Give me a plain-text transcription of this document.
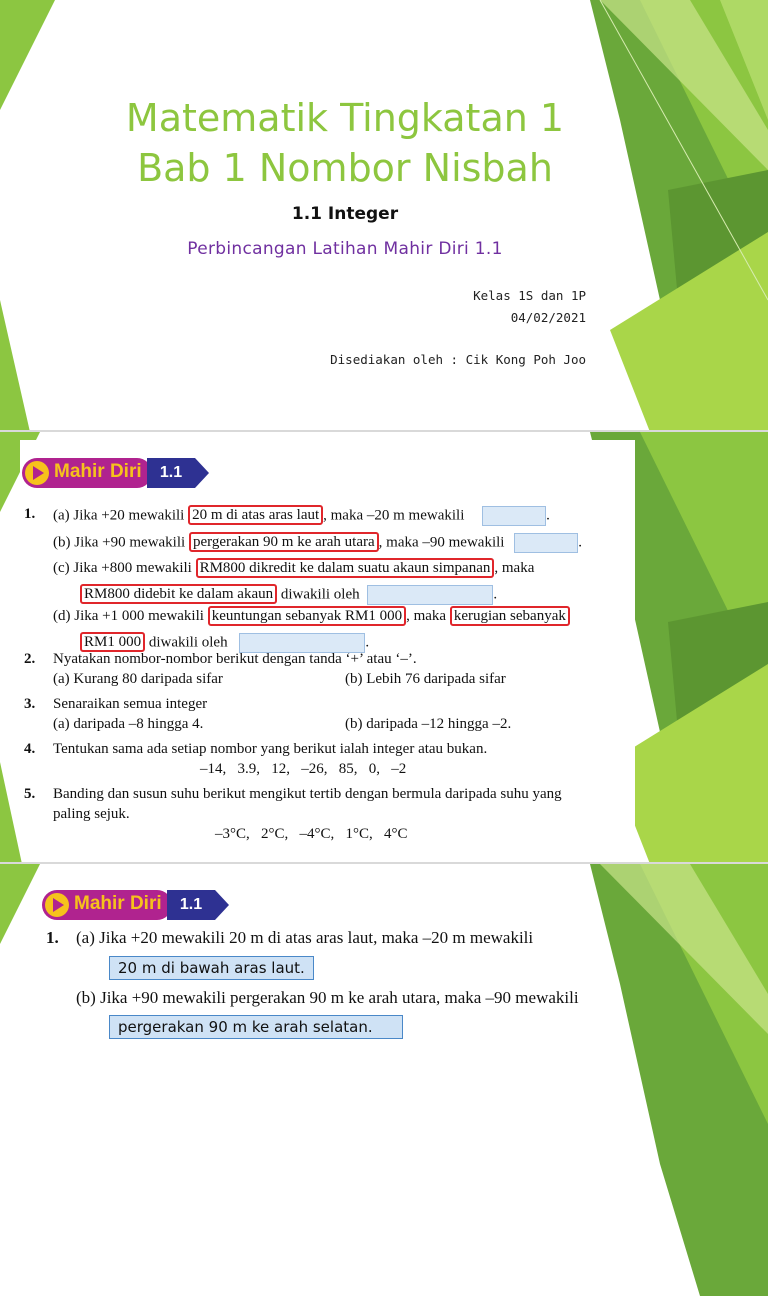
Matematik Tingkatan 1
Bab 1 Nombor Nisbah
1.1 Integer
Perbincangan Latihan Mahir Diri 1.1
Kelas 1S dan 1P
04/02/2021
Disediakan oleh : Cik Kong Poh Joo
Mahir Diri	1.1
1. (a) Jika +20 mewakili 20 m di atas aras laut , maka –20 m mewakili	.
(b) Jika +90 mewakili pergerakan 90 m ke arah utara , maka –90 mewakili	.
(c) Jika +800 mewakili RM800 dikredit ke dalam suatu akaun simpanan , maka
RM800 didebit ke dalam akaun diwakili oleh	.
(d) Jika +1 000 mewakili keuntungan sebanyak RM1 000 , maka kerugian sebanyak
RM1 000 diwakili oleh	.
2. Nyatakan nombor-nombor berikut dengan tanda ‘+’ atau ‘–’.
(a) Kurang 80 daripada sifar	(b) Lebih 76 daripada sifar
3. Senaraikan semua integer
(a) daripada –8 hingga 4.	(b) daripada –12 hingga –2.
4. Tentukan sama ada setiap nombor yang berikut ialah integer atau bukan.
–14,   3.9,   12,   –26,   85,   0,   –2
5. Banding dan susun suhu berikut mengikut tertib dengan bermula daripada suhu yang
paling sejuk.
–3°C,   2°C,   –4°C,   1°C,   4°C
Mahir Diri	1.1
1. (a) Jika +20 mewakili 20 m di atas aras laut, maka –20 m mewakili
20 m di bawah aras laut.
(b) Jika +90 mewakili pergerakan 90 m ke arah utara, maka –90 mewakili
pergerakan 90 m ke arah selatan.
